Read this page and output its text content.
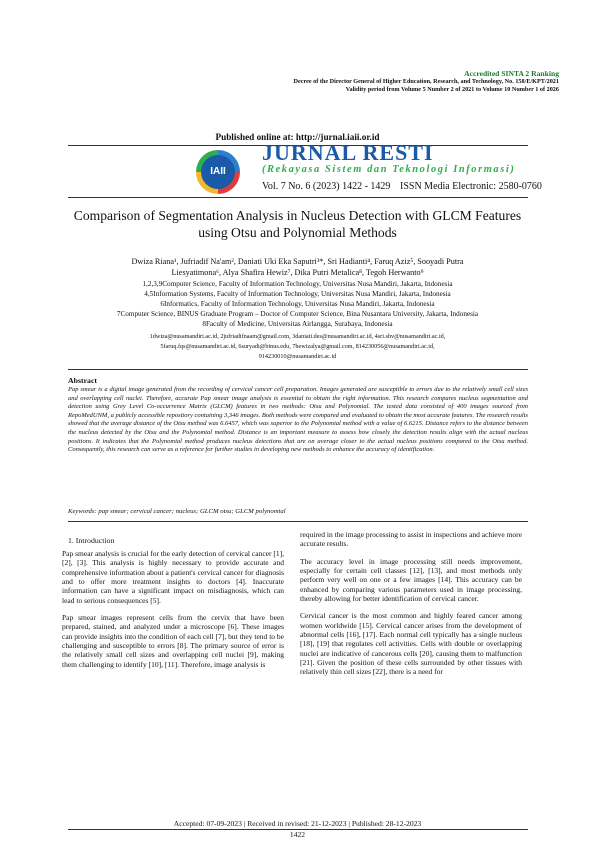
Accredited SINTA 2 Ranking
Decree of the Director General of Higher Education, Research, and Technology, No. 158/E/KPT/2021
Validity period from Volume 5 Number 2 of 2021 to Volume 10 Number 1 of 2026
Published online at: http://jurnal.iaii.or.id
IAII
JURNAL RESTI
(Rekayasa Sistem dan Teknologi Informasi)
Vol. 7 No. 6 (2023) 1422 - 1429 ISSN Media Electronic: 2580-0760
Comparison of Segmentation Analysis in Nucleus Detection with GLCM Features using Otsu and Polynomial Methods
Dwiza Riana¹, Jufriadif Na'am², Daniati Uki Eka Saputri³*, Sri Hadianti⁴, Faruq Aziz⁵, Sooyadi Putra
Liesyatimona⁶, Alya Shafira Hewiz⁷, Dika Putri Metalica⁸, Tegoh Herwanto⁹
1,2,3,9Computer Science, Faculty of Information Technology, Universitas Nusa Mandiri, Jakarta, Indonesia
4,5Information Systems, Faculty of Information Technology, Universitas Nusa Mandiri, Jakarta, Indonesia
6Informatics, Faculty of Information Technology, Universitas Nusa Mandiri, Jakarta, Indonesia
7Computer Science, BINUS Graduate Program – Doctor of Computer Science, Bina Nusantara University, Jakarta, Indonesia
8Faculty of Medicine, Universitas Airlangga, Surabaya, Indonesia
1dwiza@nusamandiri.ac.id, 2jufriadifnaam@gmail.com, 3daniati.des@nusamandiri.ac.id, 4sri.shv@nusamandiri.ac.id,
5faruq.fqs@nusamandiri.ac.id, 6suryadi@binus.edu, 7hewizalya@gmail.com, 814230056@nusamandiri.ac.id,
914230010@nusamandiri.ac.id
Abstract
Pap smear is a digital image generated from the recording of cervical cancer cell preparation. Images generated are susceptible to errors due to the relatively small cell sizes and overlapping cell nuclei. Therefore, accurate Pap smear image analysis is essential to obtain the right information. This research compares nucleus segmentation and detection using Grey Level Co-occurrence Matrix (GLCM) features in two methods: Otsu and Polynomial. The tested data consisted of 400 images sourced from RepoMedUNM, a publicly accessible repository containing 3,346 images. Both methods were compared and evaluated to obtain the most accurate features. The research results showed that the average distance of the Otsu method was 6.6457, which was superior to the Polynomial method with a value of 6.6215. Distance refers to the distance between the nucleus detected by the Otsu and the Polynomial method. Distance is an important measure to assess how closely the detection results align with the actual nucleus positions. It indicates that the Polynomial method produces nucleus detections that are on average closer to the actual nucleus positions compared to the Otsu method. Consequently, this research can serve as a reference for further studies in developing new methods to enhance the accuracy of identification.
Keywords: pap smear; cervical cancer; nucleus; GLCM otsu; GLCM polynomial
1. Introduction

Pap smear analysis is crucial for the early detection of cervical cancer [1], [2], [3]. This analysis is highly necessary to provide accurate and comprehensive information about a patient's cervical cancer for diagnosis and to offer more treatment insights to doctors [4]. Inaccurate information can have a significant impact on misdiagnosis, which can lead to serious consequences [5].

Pap smear images represent cells from the cervix that have been prepared, stained, and analyzed under a microscope [6]. These images can provide insights into the condition of each cell [7], but they tend to be challenging and susceptible to errors [8]. The primary source of error is the relatively small cell sizes and overlapping cell nuclei [9], making them challenging to identify [10], [11]. Therefore, image analysis is

required in the image processing to assist in inspections and achieve more accurate results.

The accuracy level in image processing still needs improvement, especially for certain cell classes [12], [13], and most methods only perform very well on one or a few images [14]. This accuracy can be enhanced by comparing various parameters used in image processing, thereby allowing for better identification of cervical cancer.

Cervical cancer is the most common and highly feared cancer among women worldwide [15]. Cervical cancer arises from the development of abnormal cells [16], [17]. Each normal cell typically has a single nucleus [18], [19] that regulates cell activities. Cells with double or overlapping nuclei are indicative of cancerous cells [20], causing them to malfunction [21]. Given the position of these cells surrounded by other tissues with relatively thin cell sizes [22], there is a need for

Accepted: 07-09-2023 | Received in revised: 21-12-2023 | Published: 28-12-2023
1422
